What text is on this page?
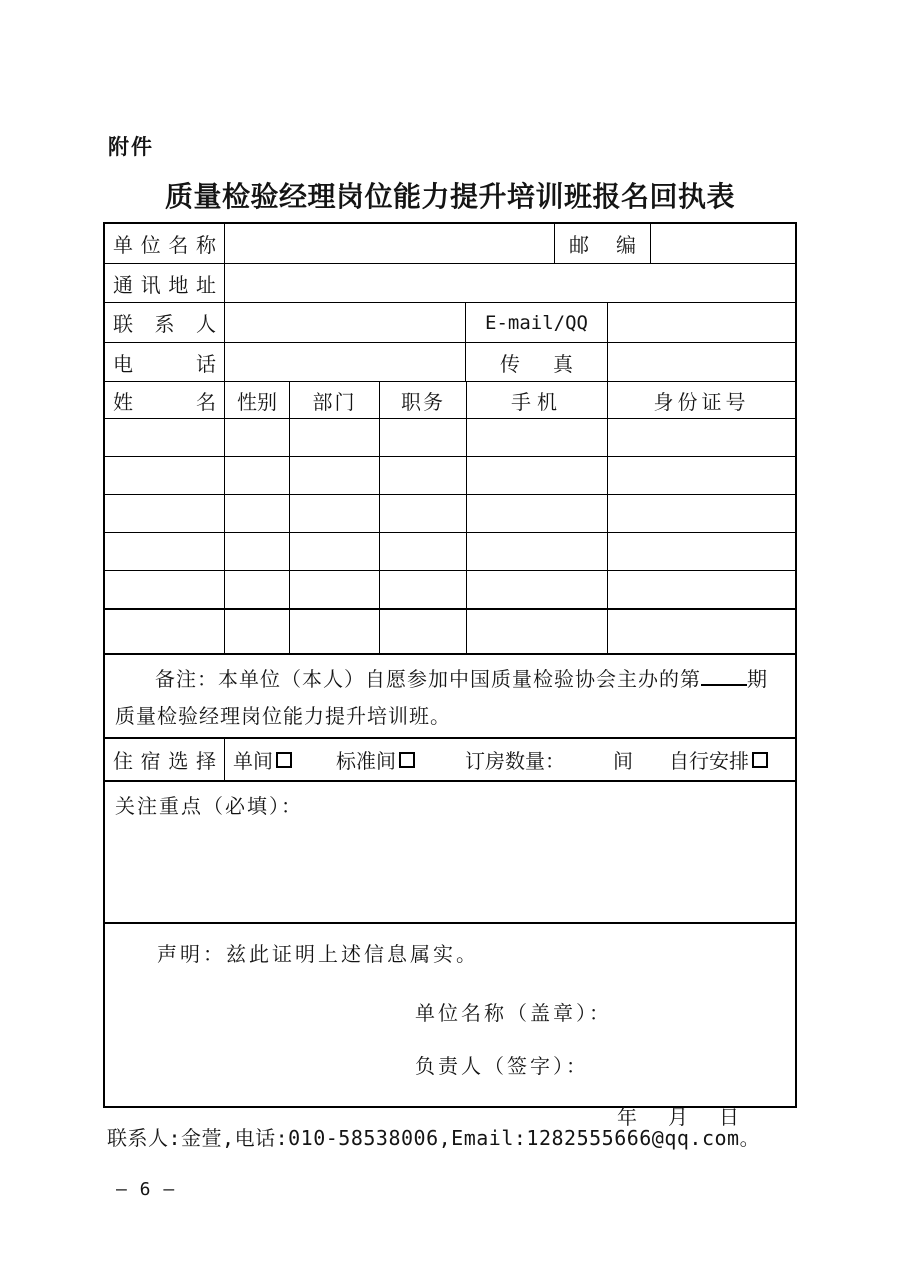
附件
质量检验经理岗位能力提升培训班报名回执表
单位名称	邮编
通讯地址
联系人	E-mail/QQ
电话	传真
姓名 性别 部门 职务	手机	身份证号
备注：本单位（本人）自愿参加中国质量检验协会主办的第 期
质量检验经理岗位能力提升培训班。
住宿选择 单间	标准间	订房数量： 间 自行安排
关注重点（必填）：
声明：兹此证明上述信息属实。
单位名称（盖章）：
负责人（签字）：
年     月     日
联系人:金萱,电话:010-58538006,Email:1282555666@qq.com。
— 6 —
